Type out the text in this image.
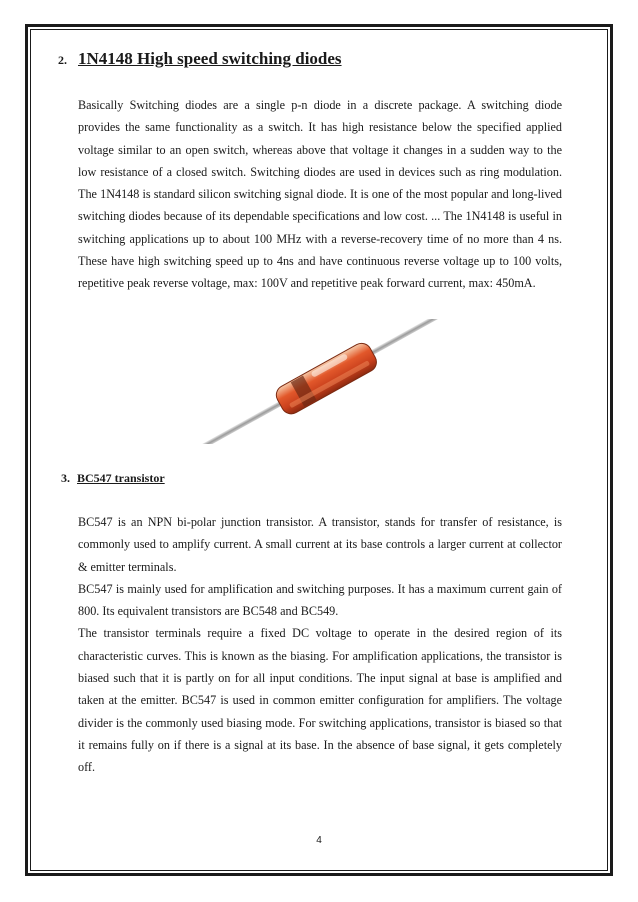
2. 1N4148 High speed switching diodes

Basically Switching diodes are a single p-n diode in a discrete package. A switching diode provides the same functionality as a switch. It has high resistance below the specified applied voltage similar to an open switch, whereas above that voltage it changes in a sudden way to the low resistance of a closed switch. Switching diodes are used in devices such as ring modulation. The 1N4148 is standard silicon switching signal diode. It is one of the most popular and long-lived switching diodes because of its dependable specifications and low cost. ... The 1N4148 is useful in switching applications up to about 100 MHz with a reverse-recovery time of no more than 4 ns. These have high switching speed up to 4ns and have continuous reverse voltage up to 100 volts, repetitive peak reverse voltage, max: 100V and repetitive peak forward current, max: 450mA.

3. BC547 transistor

BC547 is an NPN bi-polar junction transistor. A transistor, stands for transfer of resistance, is commonly used to amplify current. A small current at its base controls a larger current at collector & emitter terminals.

BC547 is mainly used for amplification and switching purposes. It has a maximum current gain of 800. Its equivalent transistors are BC548 and BC549.

The transistor terminals require a fixed DC voltage to operate in the desired region of its characteristic curves. This is known as the biasing. For amplification applications, the transistor is biased such that it is partly on for all input conditions. The input signal at base is amplified and taken at the emitter. BC547 is used in common emitter configuration for amplifiers. The voltage divider is the commonly used biasing mode. For switching applications, transistor is biased so that it remains fully on if there is a signal at its base. In the absence of base signal, it gets completely off.

4
